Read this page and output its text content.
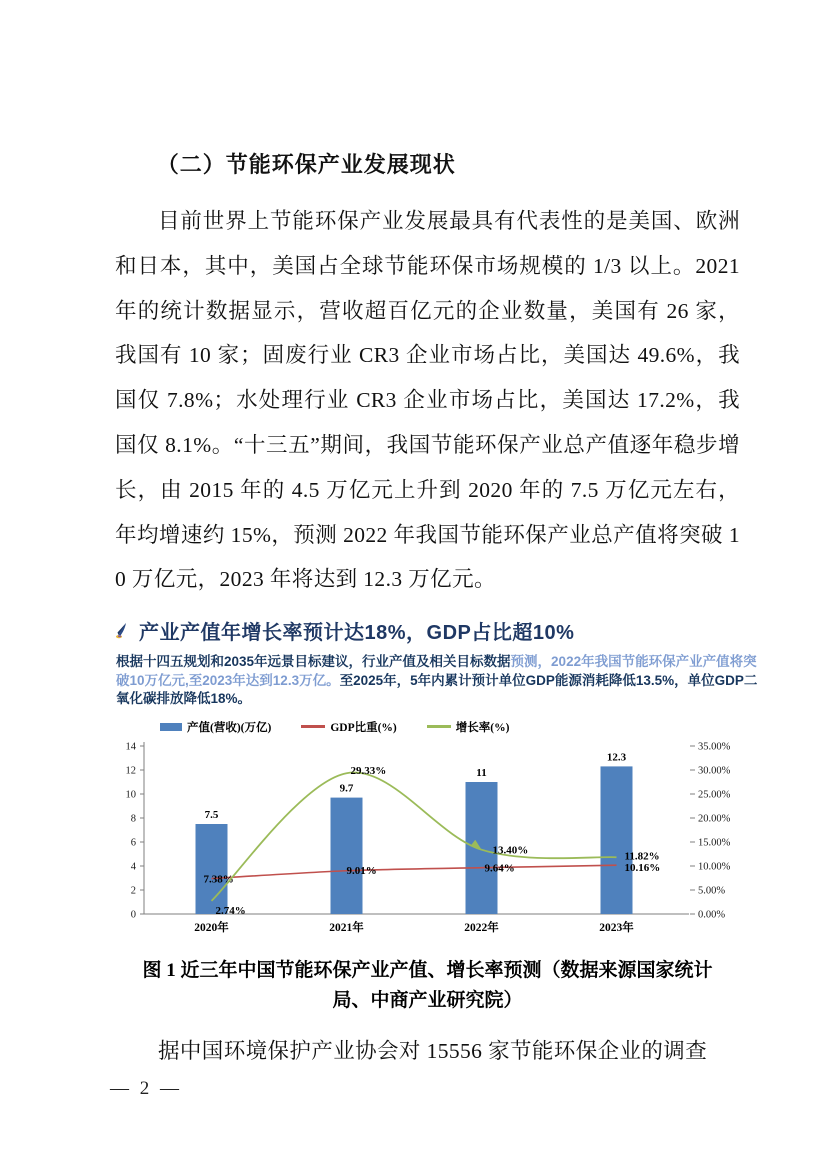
（二）节能环保产业发展现状

目前世界上节能环保产业发展最具有代表性的是美国、欧洲和日本，其中，美国占全球节能环保市场规模的 1/3 以上。2021 年的统计数据显示，营收超百亿元的企业数量，美国有 26 家，我国有 10 家；固废行业 CR3 企业市场占比，美国达 49.6%，我国仅 7.8%；水处理行业 CR3 企业市场占比，美国达 17.2%，我国仅 8.1%。“十三五”期间，我国节能环保产业总产值逐年稳步增长，由 2015 年的 4.5 万亿元上升到 2020 年的 7.5 万亿元左右，年均增速约 15%，预测 2022 年我国节能环保产业总产值将突破 10 万亿元，2023 年将达到 12.3 万亿元。

产业产值年增长率预计达18%，GDP占比超10%

根据十四五规划和2035年远景目标建议，行业产值及相关目标数据预测，2022年我国节能环保产业产值将突破10万亿元,至2023年达到12.3万亿。至2025年，5年内累计预计单位GDP能源消耗降低13.5%，单位GDP二氧化碳排放降低18%。

产值(营收)(万亿)	GDP比重(%)	增长率(%)
0
2
4
6
8
10
12
14
0.00%
5.00%
10.00%
15.00%
20.00%
25.00%
30.00%
35.00%
7.5
2020年
9.7
2021年
11
2022年
12.3
2023年
7.38%
9.01%	9.64%	10.16%
2.74%
29.33%
13.40%	11.82%

图 1 近三年中国节能环保产业产值、增长率预测（数据来源国家统计
局、中商产业研究院）

据中国环境保护产业协会对 15556 家节能环保企业的调查

— 2 —
